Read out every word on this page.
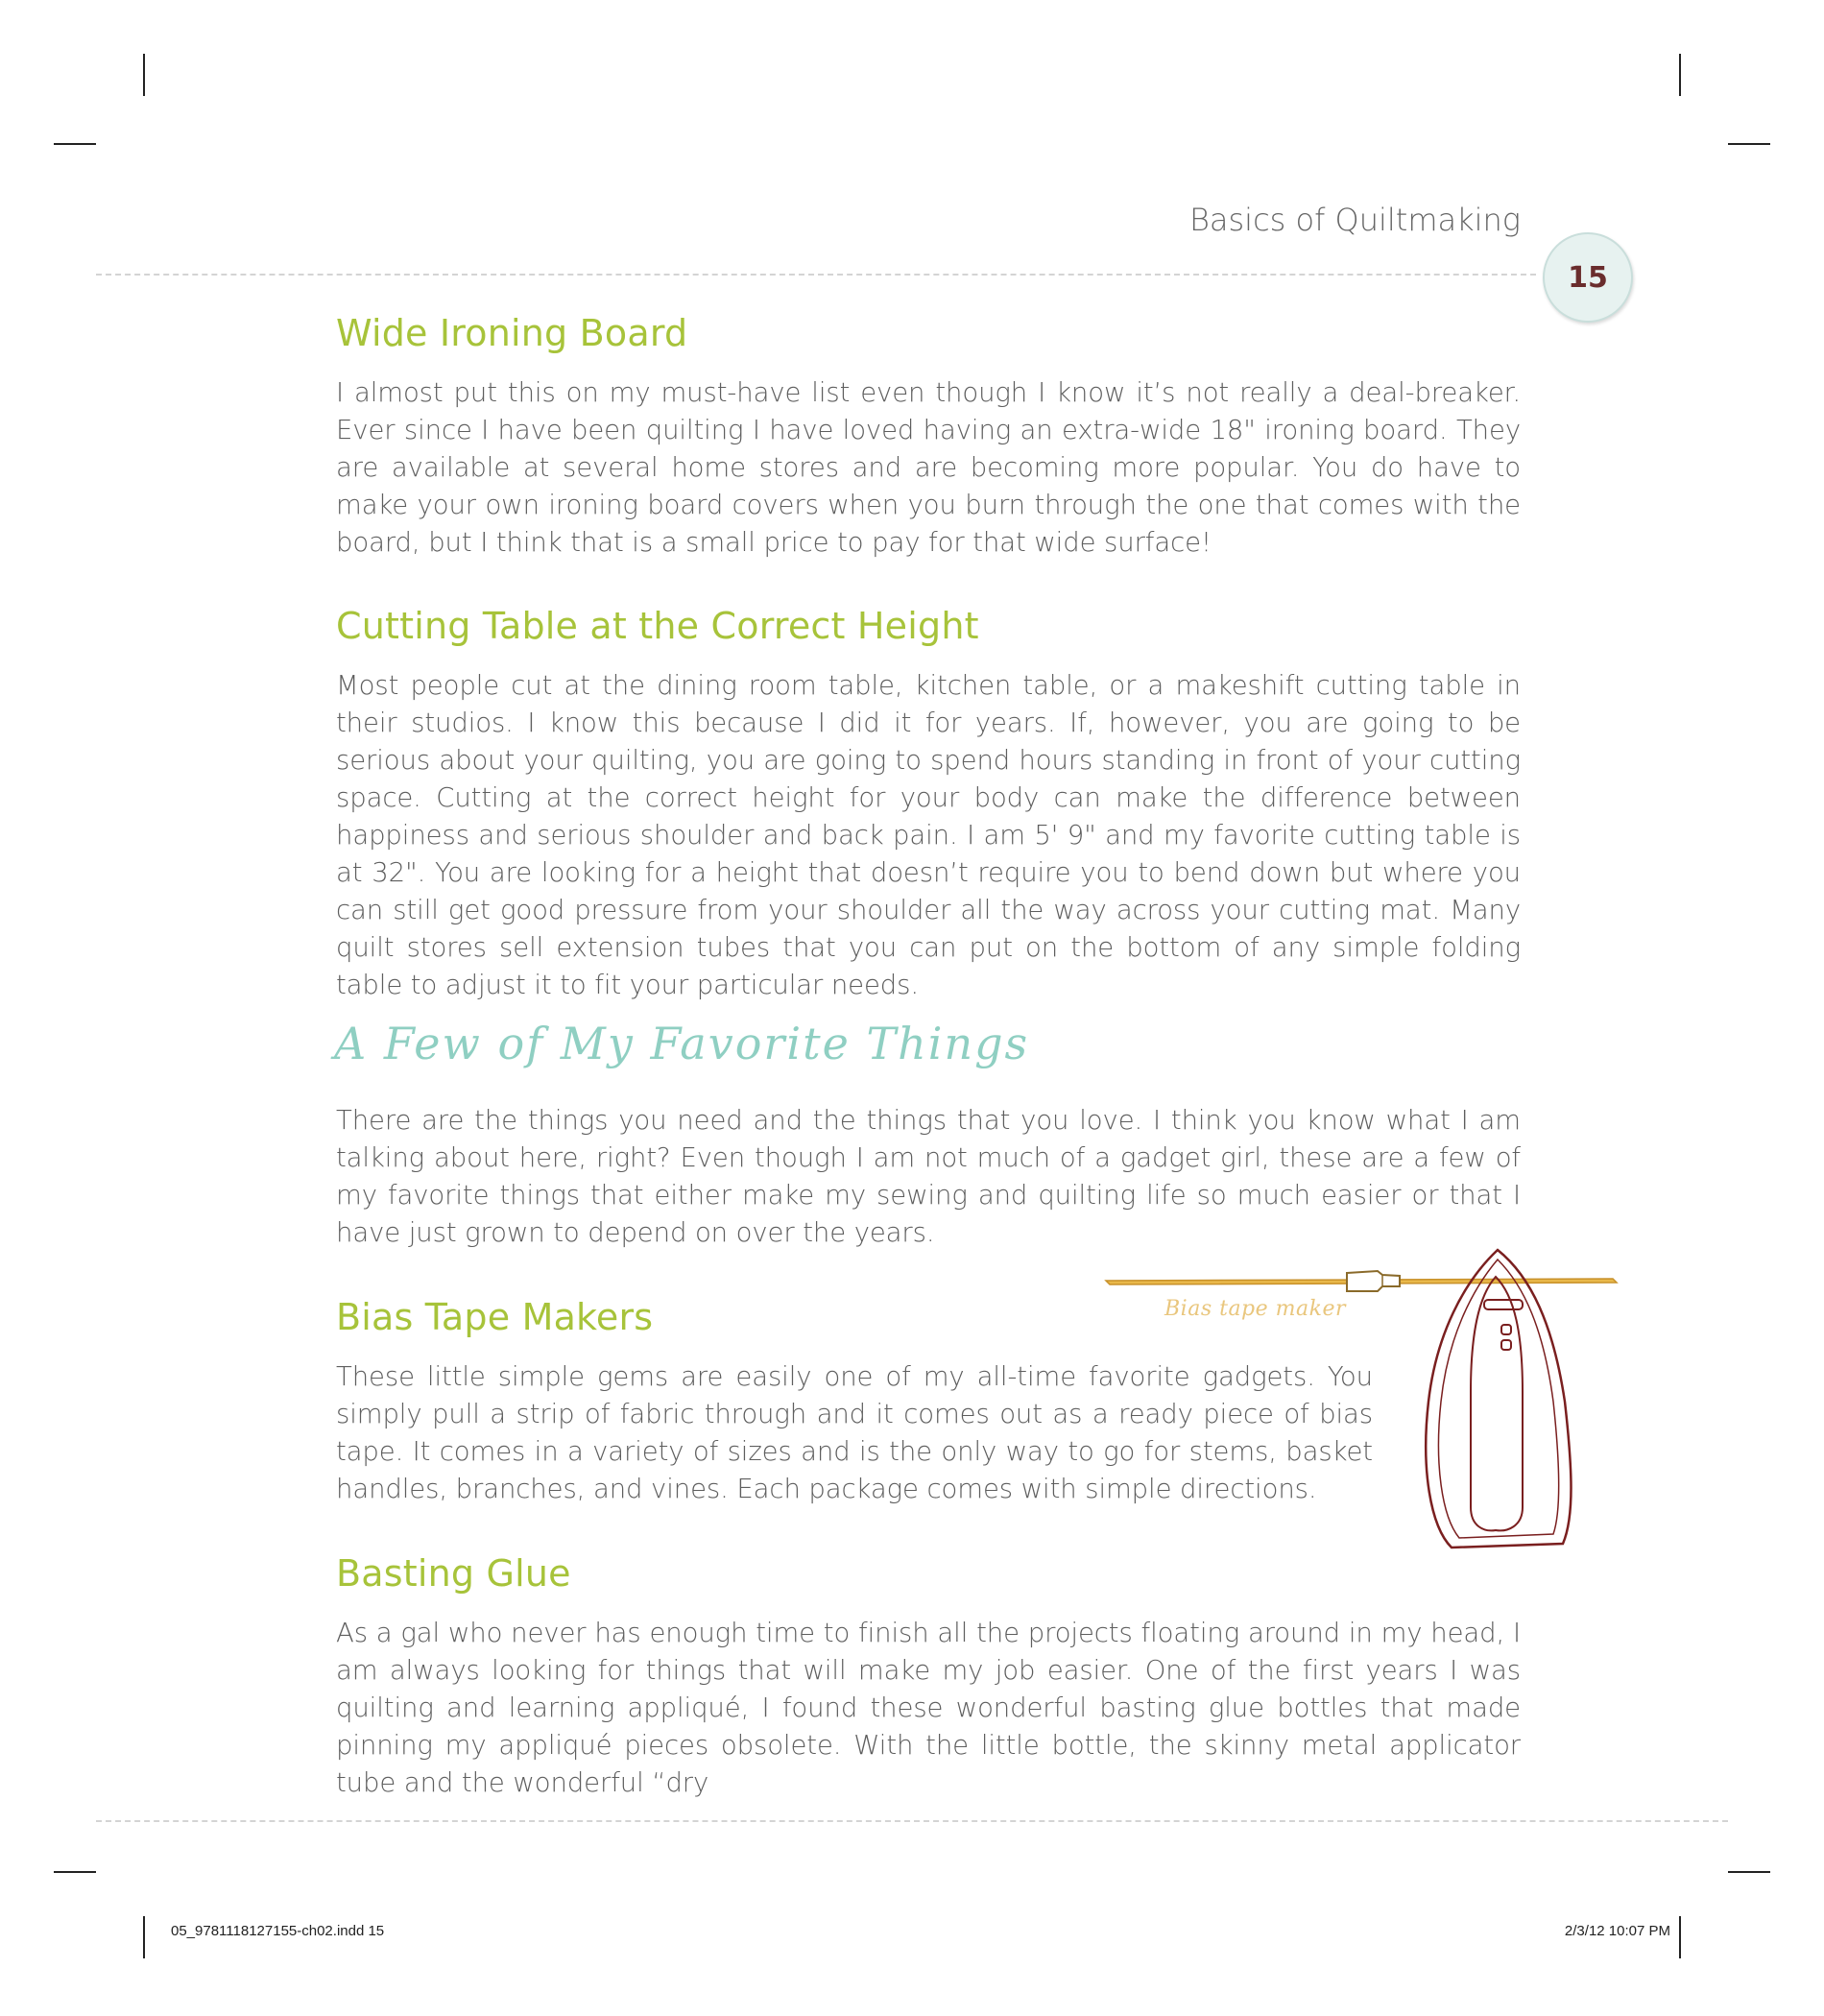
Basics of Quiltmaking
15
Wide Ironing Board

I almost put this on my must-have list even though I know it’s not really a deal-breaker. Ever since I have been quilting I have loved having an extra-wide 18" ironing board. They are available at several home stores and are becoming more popular. You do have to make your own ironing board covers when you burn through the one that comes with the board, but I think that is a small price to pay for that wide surface!

Cutting Table at the Correct Height

Most people cut at the dining room table, kitchen table, or a makeshift cutting table in their studios. I know this because I did it for years. If, however, you are going to be serious about your quilting, you are going to spend hours standing in front of your cutting space. Cutting at the correct height for your body can make the difference between happiness and serious shoulder and back pain. I am 5' 9" and my favorite cutting table is at 32". You are looking for a height that doesn’t require you to bend down but where you can still get good pressure from your shoulder all the way across your cutting mat. Many quilt stores sell extension tubes that you can put on the bottom of any simple folding table to adjust it to fit your particular needs.

A Few of My Favorite Things

There are the things you need and the things that you love. I think you know what I am talking about here, right? Even though I am not much of a gadget girl, these are a few of my favorite things that either make my sewing and quilting life so much easier or that I have just grown to depend on over the years.

Bias Tape Makers

These little simple gems are easily one of my all-time favorite gadgets. You simply pull a strip of fabric through and it comes out as a ready piece of bias tape. It comes in a variety of sizes and is the only way to go for stems, basket handles, branches, and vines. Each package comes with simple directions.

Bias tape maker
Basting Glue

As a gal who never has enough time to finish all the projects floating around in my head, I am always looking for things that will make my job easier. One of the first years I was quilting and learning appliqué, I found these wonderful basting glue bottles that made pinning my appliqué pieces obsolete. With the little bottle, the skinny metal applicator tube and the wonderful “dry

05_9781118127155-ch02.indd 15	2/3/12 10:07 PM
